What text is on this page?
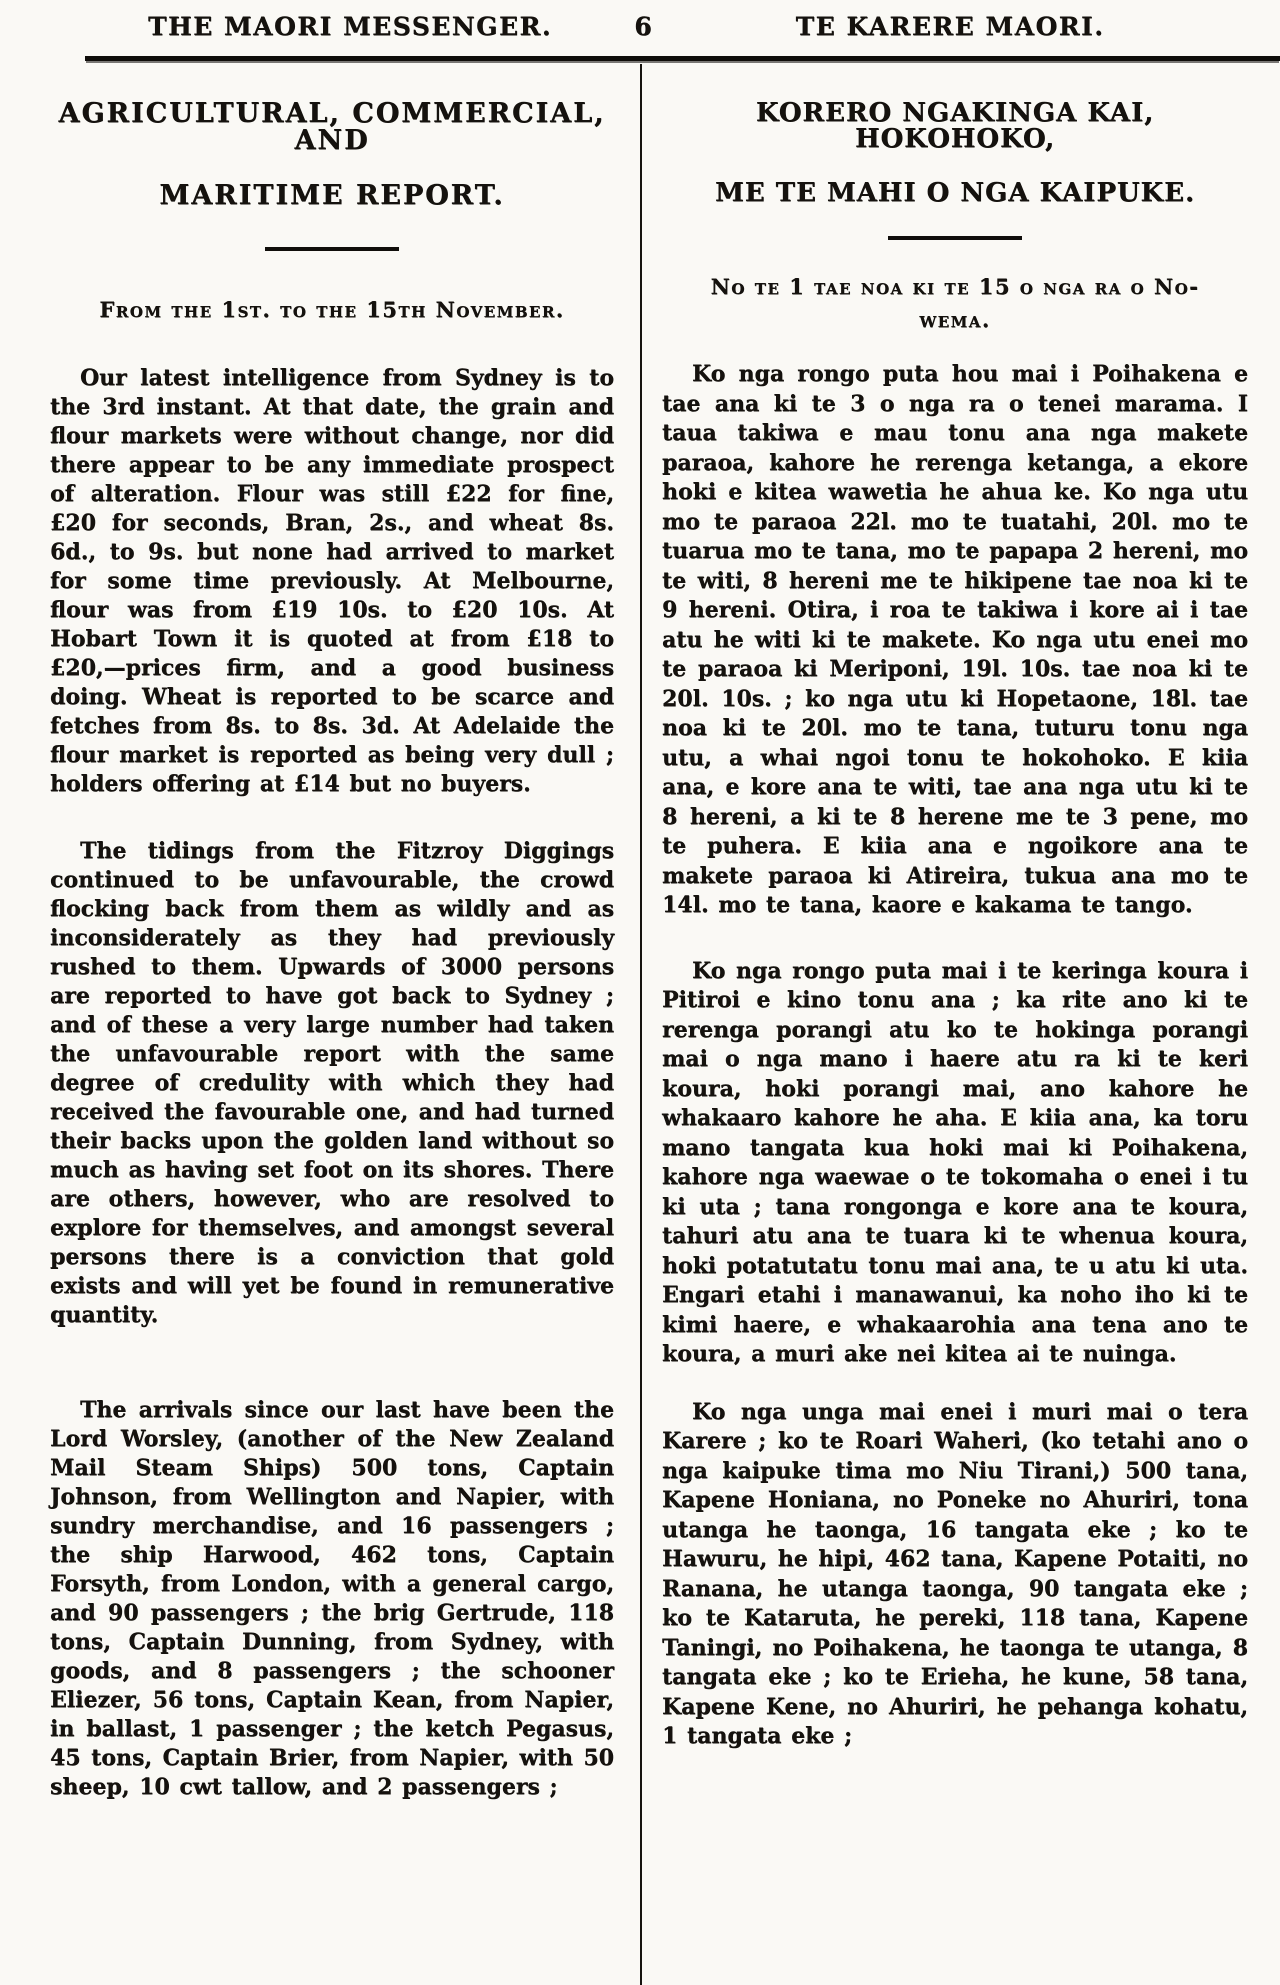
THE MAORI MESSENGER.	6	TE KARERE MAORI.
AGRICULTURAL, COMMERCIAL, AND
MARITIME REPORT.

From the 1st. to the 15th November.

Our latest intelligence from Sydney is to the 3rd instant. At that date, the grain and flour markets were without change, nor did there appear to be any immediate prospect of alteration. Flour was still £22 for fine, £20 for seconds, Bran, 2s., and wheat 8s. 6d., to 9s. but none had arrived to market for some time previously. At Melbourne, flour was from £19 10s. to £20 10s. At Hobart Town it is quoted at from £18 to £20,—prices firm, and a good business doing. Wheat is reported to be scarce and fetches from 8s. to 8s. 3d. At Adelaide the flour market is reported as being very dull ; holders offering at £14 but no buyers.

The tidings from the Fitzroy Diggings continued to be unfavourable, the crowd flocking back from them as wildly and as inconsiderately as they had previously rushed to them. Upwards of 3000 persons are reported to have got back to Sydney ; and of these a very large number had taken the unfavourable report with the same degree of credulity with which they had received the favourable one, and had turned their backs upon the golden land without so much as having set foot on its shores. There are others, however, who are resolved to explore for themselves, and amongst several persons there is a conviction that gold exists and will yet be found in remunerative quantity.

The arrivals since our last have been the Lord Worsley, (another of the New Zealand Mail Steam Ships) 500 tons, Captain Johnson, from Wellington and Napier, with sundry merchandise, and 16 passengers ; the ship Harwood, 462 tons, Captain Forsyth, from London, with a general cargo, and 90 passengers ; the brig Gertrude, 118 tons, Captain Dunning, from Sydney, with goods, and 8 passengers ; the schooner Eliezer, 56 tons, Captain Kean, from Napier, in ballast, 1 passenger ; the ketch Pegasus, 45 tons, Captain Brier, from Napier, with 50 sheep, 10 cwt tallow, and 2 passengers ;

KORERO NGAKINGA KAI, HOKOHOKO,
ME TE MAHI O NGA KAIPUKE.

No te 1 tae noa ki te 15 o nga ra o No-

wema.

Ko nga rongo puta hou mai i Poihakena e tae ana ki te 3 o nga ra o tenei marama. I taua takiwa e mau tonu ana nga makete paraoa, kahore he rerenga ketanga, a ekore hoki e kitea wawetia he ahua ke. Ko nga utu mo te paraoa 22l. mo te tuatahi, 20l. mo te tuarua mo te tana, mo te papapa 2 hereni, mo te witi, 8 hereni me te hikipene tae noa ki te 9 hereni. Otira, i roa te takiwa i kore ai i tae atu he witi ki te makete. Ko nga utu enei mo te paraoa ki Meriponi, 19l. 10s. tae noa ki te 20l. 10s. ; ko nga utu ki Hopetaone, 18l. tae noa ki te 20l. mo te tana, tuturu tonu nga utu, a whai ngoi tonu te hokohoko. E kiia ana, e kore ana te witi, tae ana nga utu ki te 8 hereni, a ki te 8 herene me te 3 pene, mo te puhera. E kiia ana e ngoikore ana te makete paraoa ki Atireira, tukua ana mo te 14l. mo te tana, kaore e kakama te tango.

Ko nga rongo puta mai i te keringa koura i Pitiroi e kino tonu ana ; ka rite ano ki te rerenga porangi atu ko te hokinga porangi mai o nga mano i haere atu ra ki te keri koura, hoki porangi mai, ano kahore he whakaaro kahore he aha. E kiia ana, ka toru mano tangata kua hoki mai ki Poihakena, kahore nga waewae o te tokomaha o enei i tu ki uta ; tana rongonga e kore ana te koura, tahuri atu ana te tuara ki te whenua koura, hoki potatutatu tonu mai ana, te u atu ki uta. Engari etahi i manawanui, ka noho iho ki te kimi haere, e whakaarohia ana tena ano te koura, a muri ake nei kitea ai te nuinga.

Ko nga unga mai enei i muri mai o tera Karere ; ko te Roari Waheri, (ko tetahi ano o nga kaipuke tima mo Niu Tirani,) 500 tana, Kapene Honiana, no Poneke no Ahuriri, tona utanga he taonga, 16 tangata eke ; ko te Hawuru, he hipi, 462 tana, Kapene Potaiti, no Ranana, he utanga taonga, 90 tangata eke ; ko te Kataruta, he pereki, 118 tana, Kapene Taningi, no Poihakena, he taonga te utanga, 8 tangata eke ; ko te Erieha, he kune, 58 tana, Kapene Kene, no Ahuriri, he pehanga kohatu, 1 tangata eke ;
